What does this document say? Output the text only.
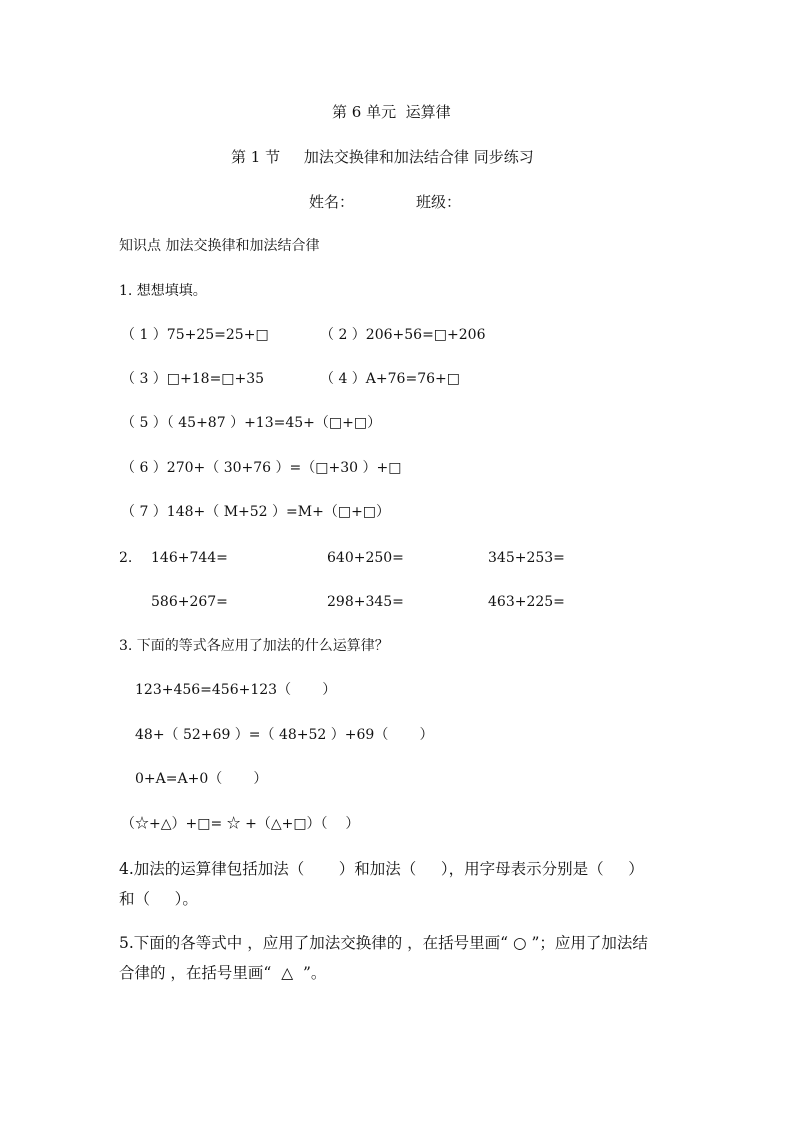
第 6 单元  运算律
第 1 节     加法交换律和加法结合律 同步练习
姓名：             班级：
知识点 加法交换律和加法结合律
1. 想想填填。
（ 1 ）75+25=25+□	（ 2 ）206+56=□+206
（ 3 ）□+18=□+35	（ 4 ）A+76=76+□
（ 5 ）（ 45+87 ）+13=45+（□+□）
（ 6 ）270+（ 30+76 ）=（□+30 ）+□
（ 7 ）148+（ M+52 ）=M+（□+□）
2. 146+744=	640+250=	345+253=
586+267=	298+345=	463+225=
3. 下面的等式各应用了加法的什么运算律？
123+456=456+123（       ）
48+（ 52+69 ）=（ 48+52 ）+69（       ）
0+A=A+0（       ）
（☆+△）+□= ☆ +（△+□）（    ）
4.加法的运算律包括加法（       ）和加法（     ），用字母表示分别是（     ）
和（     ）。
5.下面的各等式中 ，应用了加法交换律的 ，在括号里画“ ○ ”；应用了加法结
合律的 ，在括号里画“  △  ”。
